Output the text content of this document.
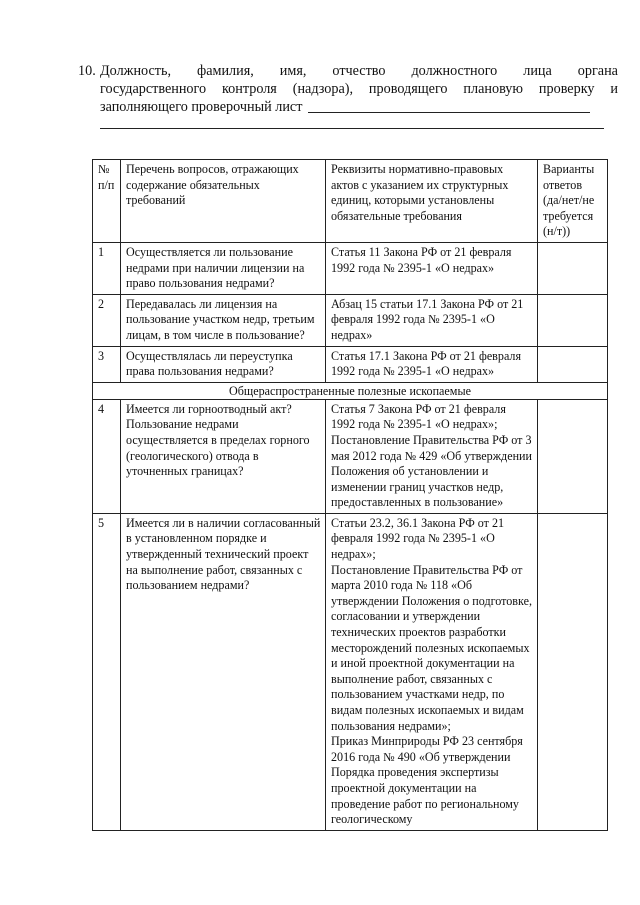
10. Должность, фамилия, имя, отчество должностного лица органа
государственного контроля (надзора), проводящего плановую проверку и
заполняющего проверочный лист
№
п/п	Перечень вопросов, отражающих содержание обязательных требований	Реквизиты нормативно-правовых актов с указанием их структурных единиц, которыми установлены обязательные требования	Варианты ответов (да/нет/не требуется (н/т))
1	Осуществляется ли пользование недрами при наличии лицензии на право пользования недрами?	Статья 11 Закона РФ от 21 февраля 1992 года № 2395-1 «О недрах»	
2	Передавалась ли лицензия на пользование участком недр, третьим лицам, в том числе в пользование?	Абзац 15 статьи 17.1 Закона РФ от 21 февраля 1992 года № 2395-1 «О недрах»	
3	Осуществлялась ли переуступка права пользования недрами?	Статья 17.1 Закона РФ от 21 февраля 1992 года № 2395-1 «О недрах»	
Общераспространенные полезные ископаемые			
4	Имеется ли горноотводный акт? Пользование недрами осуществляется в пределах горного (геологического) отвода в уточненных границах?	Статья 7 Закона РФ от 21 февраля 1992 года № 2395-1 «О недрах»;
Постановление Правительства РФ от 3 мая 2012 года № 429 «Об утверждении Положения об установлении и изменении границ участков недр, предоставленных в пользование»	
5	Имеется ли в наличии согласованный в установленном порядке и утвержденный технический проект на выполнение работ, связанных с пользованием недрами?	Статьи 23.2, 36.1 Закона РФ от 21 февраля 1992 года № 2395-1 «О недрах»;
Постановление Правительства РФ от марта 2010 года № 118 «Об утверждении Положения о подготовке, согласовании и утверждении технических проектов разработки месторождений полезных ископаемых и иной проектной документации на выполнение работ, связанных с пользованием участками недр, по видам полезных ископаемых и видам пользования недрами»;
Приказ Минприроды РФ 23 сентября 2016 года № 490 «Об утверждении Порядка проведения экспертизы проектной документации на проведение работ по региональному геологическому	
